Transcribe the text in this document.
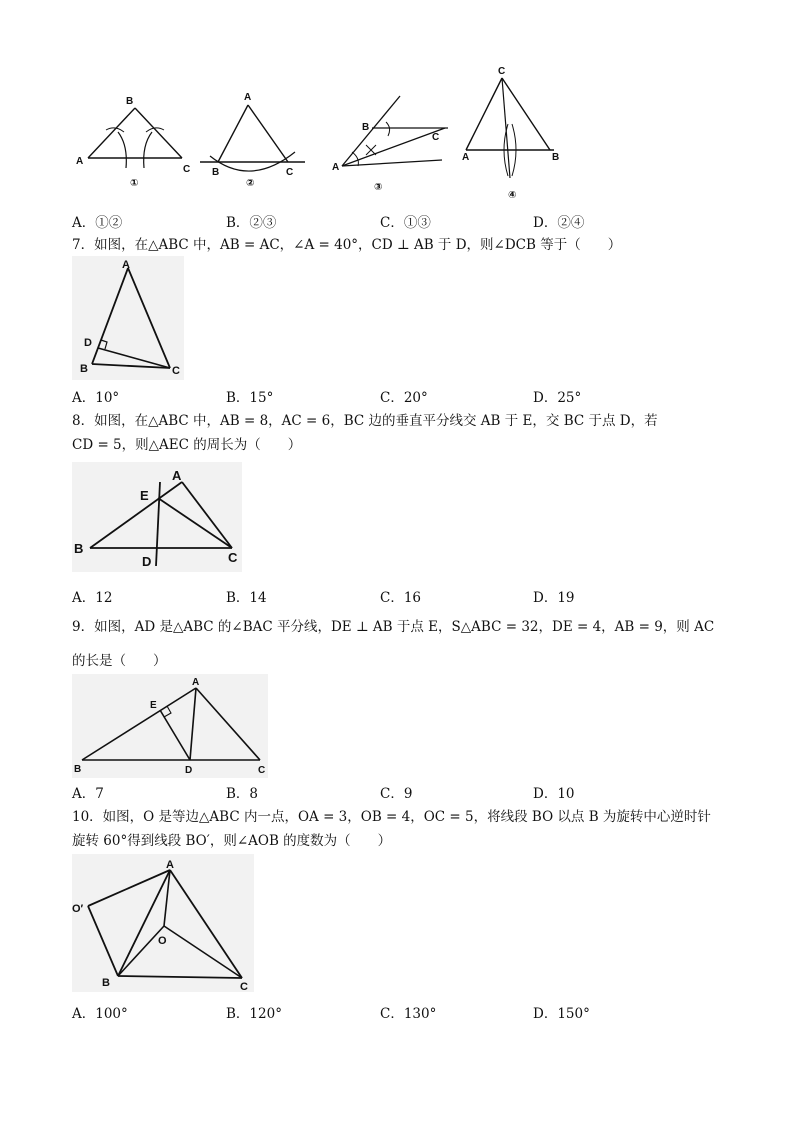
A
B
C
①
A
B	C
②
A
B
C
③
C
A	B
④
A．①②	B．②③	C．①③	D．②④
7．如图，在△ABC 中，AB = AC，∠A = 40°，CD ⊥ AB 于 D，则∠DCB 等于（　　）
A
D
B	C
A．10°	B．15°	C．20°	D．25°
8．如图，在△ABC 中，AB = 8，AC = 6，BC 边的垂直平分线交 AB 于 E，交 BC 于点 D，若
CD = 5，则△AEC 的周长为（　　）
A
E
B
D	C
A．12	B．14	C．16	D．19
9．如图，AD 是△ABC 的∠BAC 平分线，DE ⊥ AB 于点 E，S△ABC = 32，DE = 4，AB = 9，则 AC
的长是（　　）
A
E
B	D	C
A．7	B．8	C．9	D．10
10．如图，O 是等边△ABC 内一点，OA = 3，OB = 4，OC = 5，将线段 BO 以点 B 为旋转中心逆时针
旋转 60°得到线段 BO′，则∠AOB 的度数为（　　）
A
O′
O
B	C
A．100°	B．120°	C．130°	D．150°
